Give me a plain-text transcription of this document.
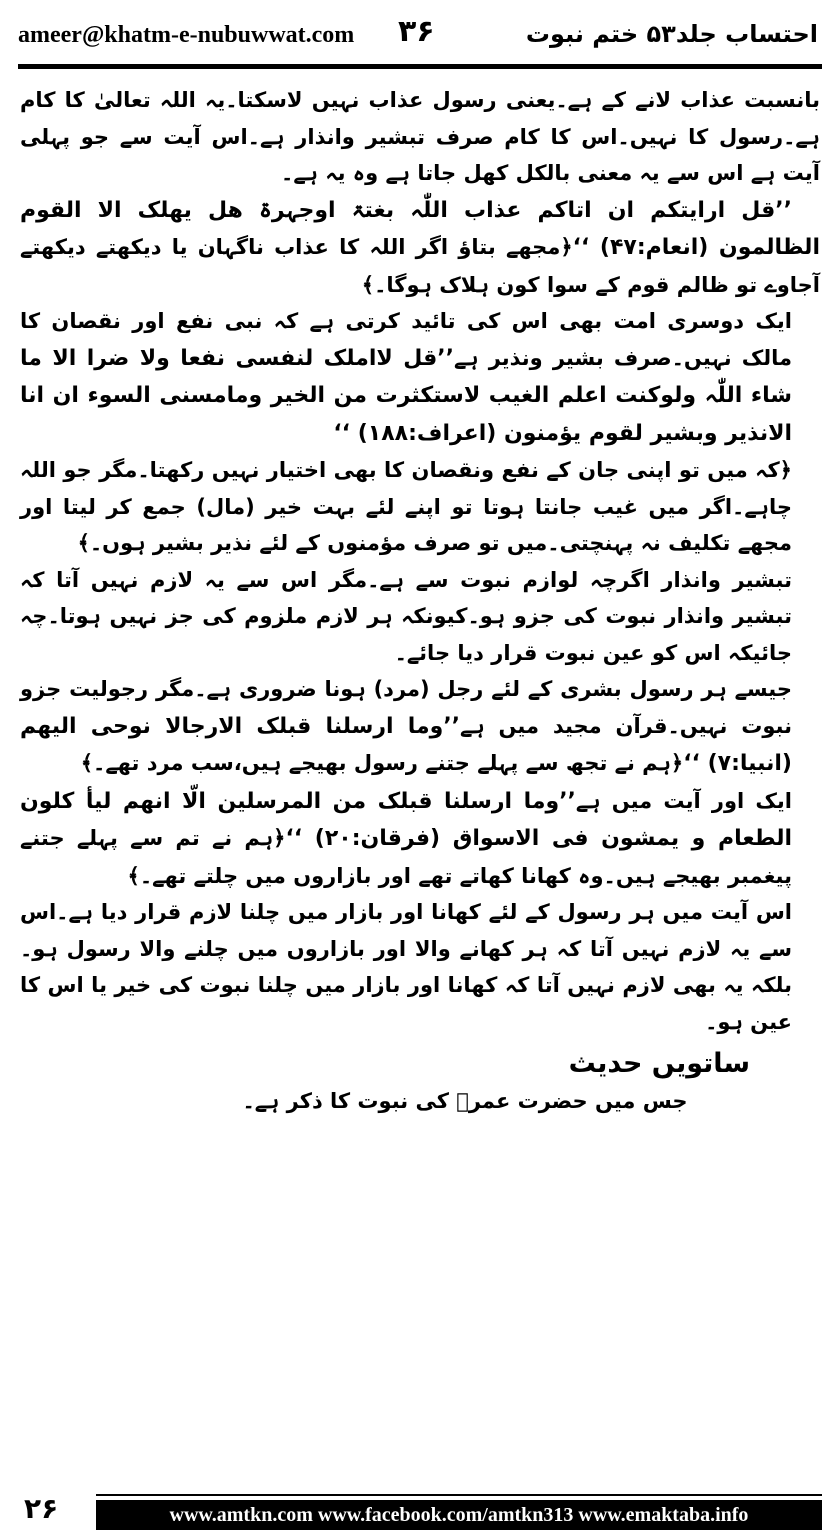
ameer@khatm-e-nubuwwat.com ۳۶	احتساب جلد۵۳ ختم نبوت

بانسبت عذاب لانے کے ہے۔یعنی رسول عذاب نہیں لاسکتا۔یہ اللہ تعالیٰ کا کام ہے۔رسول کا نہیں۔اس کا کام صرف تبشیر وانذار ہے۔اس آیت سے جو پہلی آیت ہے اس سے یہ معنی بالکل کھل جاتا ہے وہ یہ ہے۔

’’قل ارایتکم ان اتاکم عذاب اللّٰہ بغتۃ اوجہرۃ ھل یھلک الا القوم الظالمون (انعام:۴۷) ‘‘﴿مجھے بتاؤ اگر اللہ کا عذاب ناگہان یا دیکھتے دیکھتے آجاوے تو ظالم قوم کے سوا کون ہلاک ہوگا۔﴾

ایک دوسری امت بھی اس کی تائید کرتی ہے کہ نبی نفع اور نقصان کا مالک نہیں۔صرف بشیر ونذیر ہے’’قل لااملک لنفسی نفعا ولا ضرا الا ما شاء اللّٰہ ولوکنت اعلم الغیب لاستکثرت من الخیر ومامسنی السوء ان انا الانذیر وبشیر لقوم یؤمنون (اعراف:۱۸۸) ‘‘

﴿کہ میں تو اپنی جان کے نفع ونقصان کا بھی اختیار نہیں رکھتا۔مگر جو اللہ چاہے۔اگر میں غیب جانتا ہوتا تو اپنے لئے بہت خیر (مال) جمع کر لیتا اور مجھے تکلیف نہ پہنچتی۔میں تو صرف مؤمنوں کے لئے نذیر بشیر ہوں۔﴾

تبشیر وانذار اگرچہ لوازم نبوت سے ہے۔مگر اس سے یہ لازم نہیں آتا کہ تبشیر وانذار نبوت کی جزو ہو۔کیونکہ ہر لازم ملزوم کی جز نہیں ہوتا۔چہ جائیکہ اس کو عین نبوت قرار دیا جائے۔

جیسے ہر رسول بشری کے لئے رجل (مرد) ہونا ضروری ہے۔مگر رجولیت جزو نبوت نہیں۔قرآن مجید میں ہے’’وما ارسلنا قبلک الارجالا نوحی الیھم (انبیا:۷) ‘‘﴿ہم نے تجھ سے پہلے جتنے رسول بھیجے ہیں،سب مرد تھے۔﴾

ایک اور آیت میں ہے’’وما ارسلنا قبلک من المرسلین الّا انھم لیأ کلون الطعام و یمشون فی الاسواق (فرقان:۲۰) ‘‘﴿ہم نے تم سے پہلے جتنے پیغمبر بھیجے ہیں۔وہ کھانا کھاتے تھے اور بازاروں میں چلتے تھے۔﴾

اس آیت میں ہر رسول کے لئے کھانا اور بازار میں چلنا لازم قرار دیا ہے۔اس سے یہ لازم نہیں آتا کہ ہر کھانے والا اور بازاروں میں چلنے والا رسول ہو۔بلکہ یہ بھی لازم نہیں آتا کہ کھانا اور بازار میں چلنا نبوت کی خیر یا اس کا عین ہو۔

ساتویں حدیث

جس میں حضرت عمرؓ کی نبوت کا ذکر ہے۔

۲۶	www.amtkn.com www.facebook.com/amtkn313 www.emaktaba.info
